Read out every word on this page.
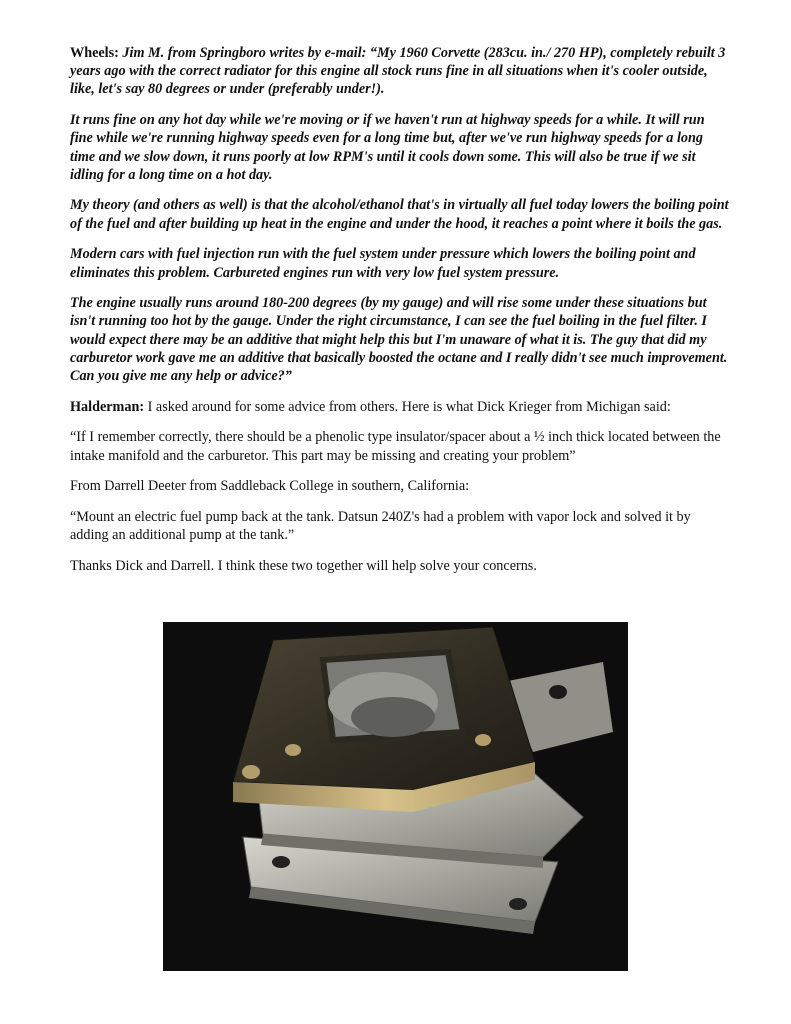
Wheels: Jim M. from Springboro writes by e-mail: “My 1960 Corvette (283cu. in./ 270 HP), completely rebuilt 3 years ago with the correct radiator for this engine all stock runs fine in all situations when it's cooler outside, like, let's say 80 degrees or under (preferably under!).

It runs fine on any hot day while we're moving or if we haven't run at highway speeds for a while. It will run fine while we're running highway speeds even for a long time but, after we've run highway speeds for a long time and we slow down, it runs poorly at low RPM's until it cools down some. This will also be true if we sit idling for a long time on a hot day.

My theory (and others as well) is that the alcohol/ethanol that's in virtually all fuel today lowers the boiling point of the fuel and after building up heat in the engine and under the hood, it reaches a point where it boils the gas.

Modern cars with fuel injection run with the fuel system under pressure which lowers the boiling point and eliminates this problem. Carbureted engines run with very low fuel system pressure.

The engine usually runs around 180-200 degrees (by my gauge) and will rise some under these situations but isn't running too hot by the gauge. Under the right circumstance, I can see the fuel boiling in the fuel filter. I would expect there may be an additive that might help this but I'm unaware of what it is. The guy that did my carburetor work gave me an additive that basically boosted the octane and I really didn't see much improvement. Can you give me any help or advice?”

Halderman: I asked around for some advice from others. Here is what Dick Krieger from Michigan said:

“If I remember correctly, there should be a phenolic type insulator/spacer about a ½ inch thick located between the intake manifold and the carburetor. This part may be missing and creating your problem”

From Darrell Deeter from Saddleback College in southern, California:

“Mount an electric fuel pump back at the tank. Datsun 240Z's had a problem with vapor lock and solved it by adding an additional pump at the tank.”

Thanks Dick and Darrell. I think these two together will help solve your concerns.
